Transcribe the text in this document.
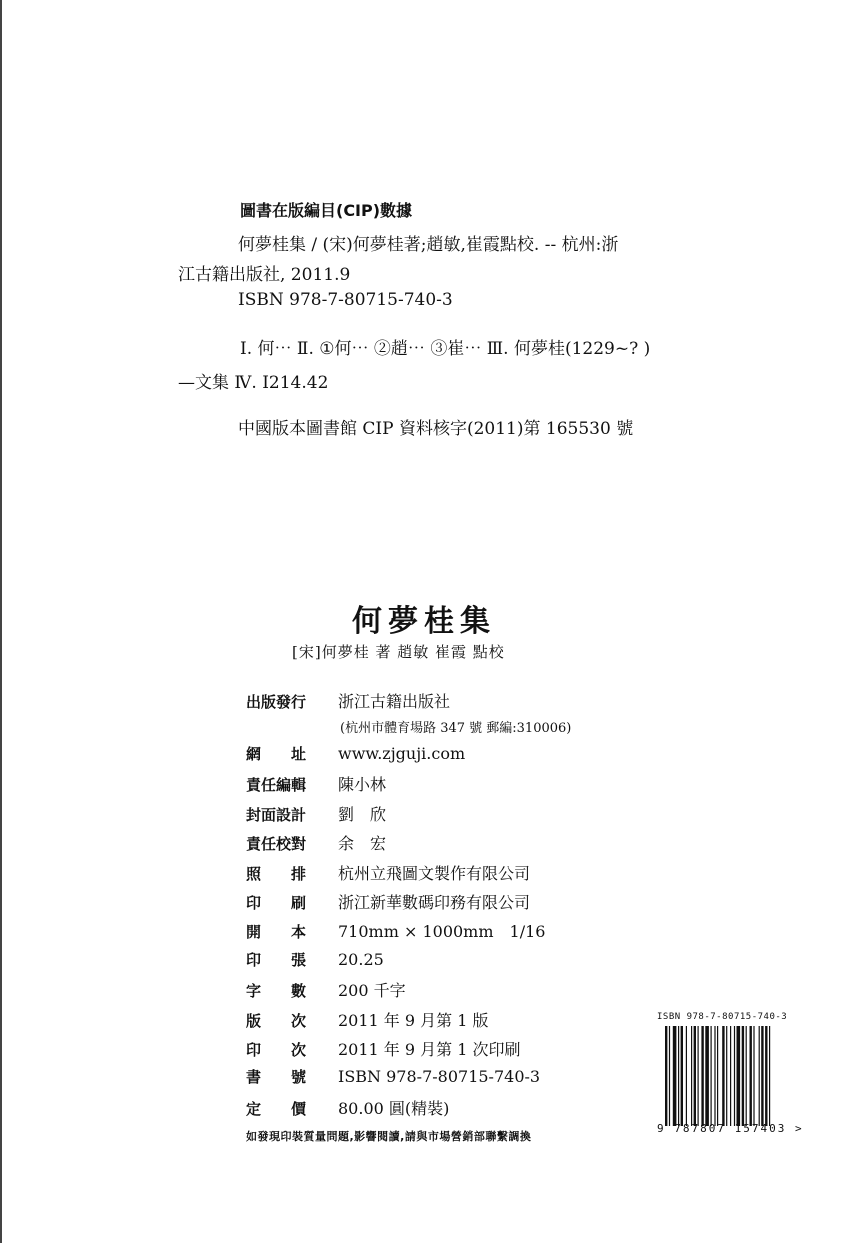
圖書在版編目(CIP)數據
何夢桂集 / (宋)何夢桂著;趙敏,崔霞點校. -- 杭州:浙
江古籍出版社, 2011.9
ISBN 978-7-80715-740-3
Ⅰ. 何⋯ Ⅱ. ①何⋯ ②趙⋯ ③崔⋯ Ⅲ. 何夢桂(1229~? )
—文集 Ⅳ. I214.42
中國版本圖書館 CIP 資料核字(2011)第 165530 號
何夢桂集
[宋]何夢桂 著 趙敏 崔霞 點校
出版發行	浙江古籍出版社
(杭州市體育場路 347 號 郵編:310006)
網　　址	www.zjguji.com
責任編輯	陳小林
封面設計	劉　欣
責任校對	余　宏
照　　排	杭州立飛圖文製作有限公司
印　　刷	浙江新華數碼印務有限公司
開　　本	710mm × 1000mm　1/16
印　　張	20.25
字　　數	200 千字
版　　次	2011 年 9 月第 1 版
印　　次	2011 年 9 月第 1 次印刷
書　　號	ISBN 978-7-80715-740-3
定　　價	80.00 圓(精裝)
如發現印裝質量問題,影響閱讀,請與市場營銷部聯繫調換
ISBN 978-7-80715-740-3
9 787807 157403 >
